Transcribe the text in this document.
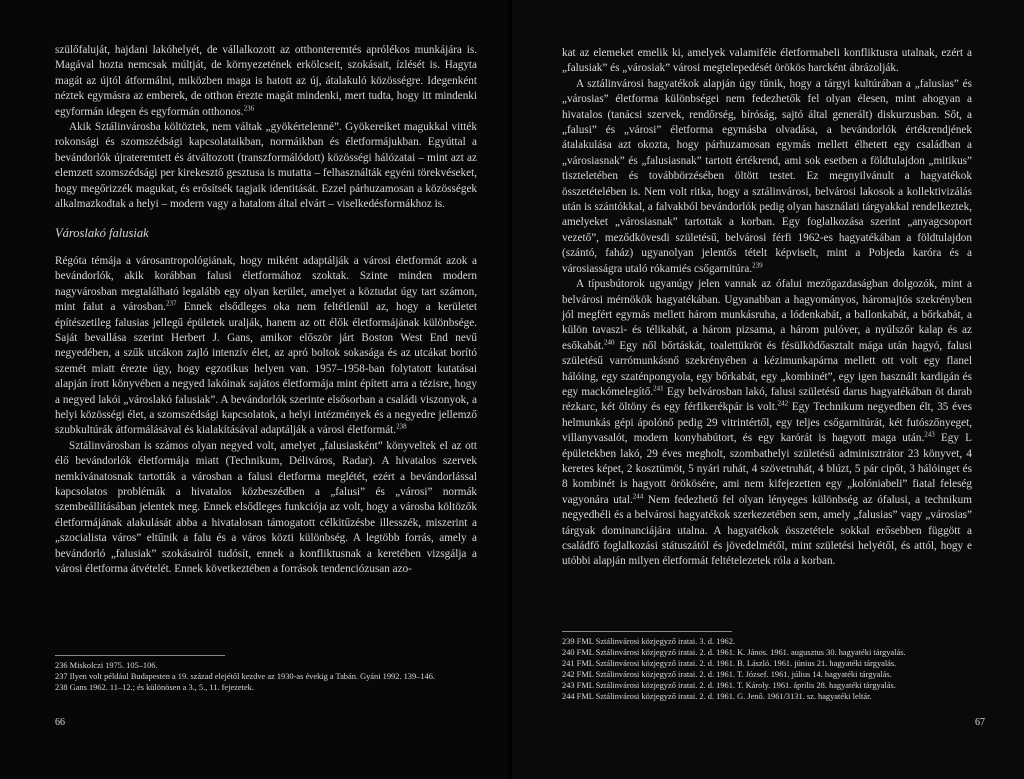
szülőfaluját, hajdani lakóhelyét, de vállalkozott az otthonteremtés aprólékos munkájára is. Magával hozta nemcsak múltját, de környezetének erkölcseit, szokásait, ízlését is. Hagyta magát az újtól átformálni, miközben maga is hatott az új, átalakuló közösségre. Idegenként néztek egymásra az emberek, de otthon érezte magát mindenki, mert tudta, hogy itt mindenki egyformán idegen és egyformán otthonos.$^{236}$

Akik Sztálinvárosba költöztek, nem váltak „gyökértelenné”. Gyökereiket magukkal vitték rokonsági és szomszédsági kapcsolataikban, normáikban és életformájukban. Egyúttal a bevándorlók újrateremtett és átváltozott (transzformálódott) közösségi hálózatai – mint azt az elemzett szomszédsági per kirekesztő gesztusa is mutatta – felhasználták egyéni törekvéseket, hogy megőrizzék magukat, és erősítsék tagjaik identitását. Ezzel párhuzamosan a közösségek alkalmazkodtak a helyi – modern vagy a hatalom által elvárt – viselkedésformákhoz is.

Városlakó falusiak

Régóta témája a városantropológiának, hogy miként adaptálják a városi életformát azok a bevándorlók, akik korábban falusi életformához szoktak. Szinte minden modern nagyvárosban megtalálható legalább egy olyan kerület, amelyet a köztudat úgy tart számon, mint falut a városban.$^{237}$ Ennek elsődleges oka nem feltétlenül az, hogy a kerületet építészetileg falusias jellegű épületek uralják, hanem az ott élők életformájának különbsége. Saját bevallása szerint Herbert J. Gans, amikor először járt Boston West End nevű negyedében, a szűk utcákon zajló intenzív élet, az apró boltok sokasága és az utcákat borító szemét miatt érezte úgy, hogy egzotikus helyen van. 1957–1958-ban folytatott kutatásai alapján írott könyvében a negyed lakóinak sajátos életformája mint épített arra a tézisre, hogy a negyed lakói „városlakó falusiak”. A bevándorlók szerinte elsősorban a családi viszonyok, a helyi közösségi élet, a szomszédsági kapcsolatok, a helyi intézmények és a negyedre jellemző szubkultúrák átformálásával és kialakításával adaptálják a városi életformát.$^{238}$

Sztálinvárosban is számos olyan negyed volt, amelyet „falusiasként” könyveltek el az ott élő bevándorlók életformája miatt (Technikum, Déliváros, Radar). A hivatalos szervek nemkívánatosnak tartották a városban a falusi életforma meglétét, ezért a bevándorlással kapcsolatos problémák a hivatalos közbeszédben a „falusi” és „városi” normák szembeállításában jelentek meg. Ennek elsődleges funkciója az volt, hogy a városba költözők életformájának alakulását abba a hivatalosan támogatott célkitűzésbe illesszék, miszerint a „szocialista város” eltűnik a falu és a város közti különbség. A legtöbb forrás, amely a bevándorló „falusiak” szokásairól tudósít, ennek a konfliktusnak a keretében vizsgálja a városi életforma átvételét. Ennek következtében a források tendenciózusan azo-

236 Miskolczi 1975. 105–106.

237 Ilyen volt például Budapesten a 19. század elejétől kezdve az 1930-as évekig a Tabán. Gyáni 1992. 139–146.

238 Gans 1962. 11–12.; és különösen a 3., 5., 11. fejezetek.

66

kat az elemeket emelik ki, amelyek valamiféle életformabeli konfliktusra utalnak, ezért a „falusiak” és „városiak” városi megtelepedését örökös harcként ábrázolják.

A sztálinvárosi hagyatékok alapján úgy tűnik, hogy a tárgyi kultúrában a „falusias” és „városias” életforma különbségei nem fedezhetők fel olyan élesen, mint ahogyan a hivatalos (tanácsi szervek, rendőrség, bíróság, sajtó által generált) diskurzusban. Sőt, a „falusi” és „városi” életforma egymásba olvadása, a bevándorlók értékrendjének átalakulása azt okozta, hogy párhuzamosan egymás mellett élhetett egy családban a „városiasnak” és „falusiasnak” tartott értékrend, ami sok esetben a földtulajdon „mitikus” tiszteletében és továbbörzésében öltött testet. Ez megnyilvánult a hagyatékok összetételében is. Nem volt ritka, hogy a sztálinvárosi, belvárosi lakosok a kollektivizálás után is szántókkal, a falvakból bevándorlók pedig olyan használati tárgyakkal rendelkeztek, amelyeket „városiasnak” tartottak a korban. Egy foglalkozása szerint „anyagcsoport vezető”, meződkövesdi születésű, belvárosi férfi 1962-es hagyatékában a földtulajdon (szántó, faház) ugyanolyan jelentős tételt képviselt, mint a Pobjeda karóra és a városiasságra utaló rókamiés csőgarnitúra.$^{239}$

A típusbútorok ugyanúgy jelen vannak az ófalui mezőgazdaságban dolgozók, mint a belvárosi mérnökök hagyatékában. Ugyanabban a hagyományos, háromajtós szekrényben jól megfért egymás mellett három munkásruha, a lódenkabát, a ballonkabát, a bőrkabát, a külön tavaszi- és télikabát, a három pizsama, a három pulóver, a nyúlszőr kalap és az esőkabát.$^{240}$ Egy nől bőrtáskát, toalettükröt és fésülködőasztalt mága után hagyó, falusi születésű varrómunkásnő szekrényében a kézimunkapárna mellett ott volt egy flanel hálóing, egy szaténpongyola, egy bőrkabát, egy „kombinét”, egy igen használt kardigán és egy mackómelegítő.$^{241}$ Egy belvárosban lakó, falusi születésű darus hagyatékában öt darab rézkarc, két öltöny és egy férfikerékpár is volt.$^{242}$ Egy Technikum negyedben élt, 35 éves helmunkás gépi ápolónő pedig 29 vitrintértől, egy teljes csőgarnitúrát, két futószőnyeget, villanyvasalót, modern konyhabútort, és egy karórát is hagyott maga után.$^{243}$ Egy L épületekben lakó, 29 éves megholt, szombathelyi születésű adminisztrátor 23 könyvet, 4 keretes képet, 2 kosztümöt, 5 nyári ruhát, 4 szövetruhát, 4 blúzt, 5 pár cipőt, 3 hálóinget és 8 kombinét is hagyott örökösére, ami nem kifejezetten egy „kolóniabeli” fiatal feleség vagyonára utal.$^{244}$ Nem fedezhető fel olyan lényeges különbség az ófalusi, a technikum negyedbéli és a belvárosi hagyatékok szerkezetében sem, amely „falusias” vagy „városias” tárgyak dominanciájára utalna. A hagyatékok összetétele sokkal erősebben függött a családfő foglalkozási státuszától és jövedelmétől, mint születési helyétől, és attól, hogy e utóbbi alapján milyen életformát feltételezetek róla a korban.

239 FML Sztálinvárosi közjegyző iratai. 3. d. 1962.

240 FML Sztálinvárosi közjegyző iratai. 2. d. 1961. K. János. 1961. augusztus 30. hagyatéki tárgyalás.

241 FML Sztálinvárosi közjegyző iratai. 2. d. 1961. B. László. 1961. június 21. hagyatéki tárgyalás.

242 FML Sztálinvárosi közjegyző iratai. 2. d. 1961. T. József. 1961. július 14. hagyatéki tárgyalás.

243 FML Sztálinvárosi közjegyző iratai. 2. d. 1961. T. Károly. 1961. április 28. hagyatéki tárgyalás.

244 FML Sztálinvárosi közjegyző iratai. 2. d. 1961. G. Jenő. 1961/3131. sz. hagyatéki leltár.

67
